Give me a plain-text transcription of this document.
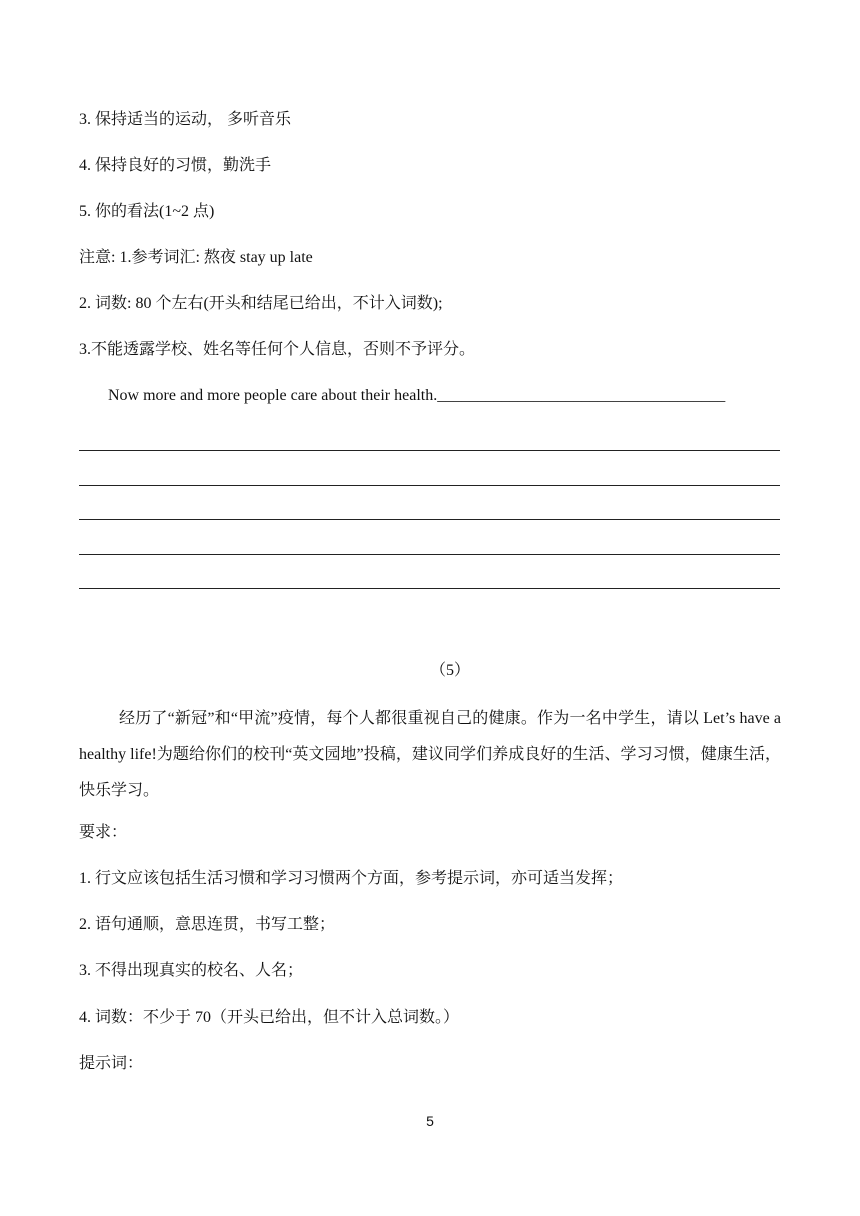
3. 保持适当的运动， 多听音乐
4. 保持良好的习惯，勤洗手
5. 你的看法(1~2 点)
注意: 1.参考词汇: 熬夜 stay up late
2. 词数: 80 个左右(开头和结尾已给出，不计入词数);
3.不能透露学校、姓名等任何个人信息，否则不予评分。
Now more and more people care about their health.____________________________________
（5）
经历了“新冠”和“甲流”疫情，每个人都很重视自己的健康。作为一名中学生，请以 Let’s have a healthy life!为题给你们的校刊“英文园地”投稿，建议同学们养成良好的生活、学习习惯，健康生活，快乐学习。
要求：
1. 行文应该包括生活习惯和学习习惯两个方面，参考提示词，亦可适当发挥；
2. 语句通顺，意思连贯，书写工整；
3. 不得出现真实的校名、人名；
4. 词数：不少于 70（开头已给出，但不计入总词数。）
提示词：
5
